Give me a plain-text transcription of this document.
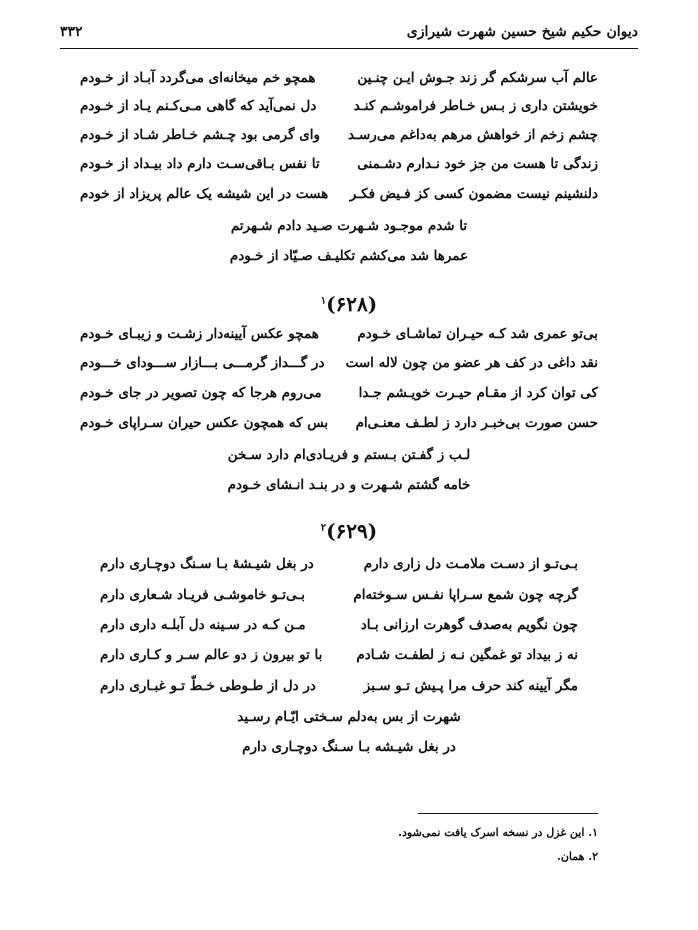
دیوان حکیم شیخ حسین شهرت شیرازی
۳۳۲
عالم آب سرشکم گر زند جـوش ایـن چنـین
همچو خم میخانه‌ای می‌گردد آبـاد از خـودم
خویشتن داری ز بـس خـاطر فراموشـم کنـد
دل نمی‌آید که گاهی مـی‌کـنم یـاد از خـودم
چشم زخم از خواهش مرهم به‌داغم می‌رسـد
وای گرمی بود چـشم خـاطر شـاد از خـودم
زندگی تا هست من جز خود نـدارم دشـمنی
تا نفس بـاقی‌سـت دارم داد بیـداد از خـودم
دلنشینم نیست مضمون کسی کز فـیض فکـر
هست در این شیشه یک عالم پریزاد از خودم
تا شدم موجـود شـهرت صـید دادم شـهرتم
عمرها شد می‌کشم تکلیـف صـیّاد از خـودم
(۶۲۸)$^۱$
بی‌تو عمری شد کـه حیـران تماشـای خـودم
همچو عکس آیینه‌دار زشـت و زیبـای خـودم
نقد داغی در کف هر عضو من چون لاله است
در گـــداز گرمـــی بـــازار ســـودای خـــودم
کی توان کرد از مقـام حیـرت خویـشم جـدا
می‌روم هرجا که چون تصویر در جای خـودم
حسن صورت بی‌خبـر دارد ز لطـف معنـی‌ام
بس که همچون عکس حیران سـراپای خـودم
لـب ز گفـتن بـستم و فریـادی‌ام دارد سـخن
خامه گشتم شـهرت و در بنـد انـشای خـودم
(۶۲۹)$^۲$
بـی‌تـو از دسـت ملامـت دل زاری دارم
در بغل شیـشهٔ بـا سـنگ دوچـاری دارم
گرچه چون شمع سـراپا نفـس سـوخته‌ام
بـی‌تـو خاموشـی فریـاد شـعاری دارم
چون نگویم به‌صدف گوهرت ارزانی بـاد
مـن کـه در سـینه دل آبلـه داری دارم
نه ز بیداد تو غمگین نـه ز لطفـت شـادم
با تو بیرون ز دو عالم سـر و کـاری دارم
مگر آیینه کند حرف مرا پـیش تـو سـبز
در دل از طـوطی خـطّ تـو غبـاری دارم
شهرت از بس به‌دلم سـختی ایّـام رسـید
در بغل شیـشه بـا سـنگ دوچـاری دارم
۱. این غزل در نسخه اسرک یافت نمی‌شود.
۲. همان.
